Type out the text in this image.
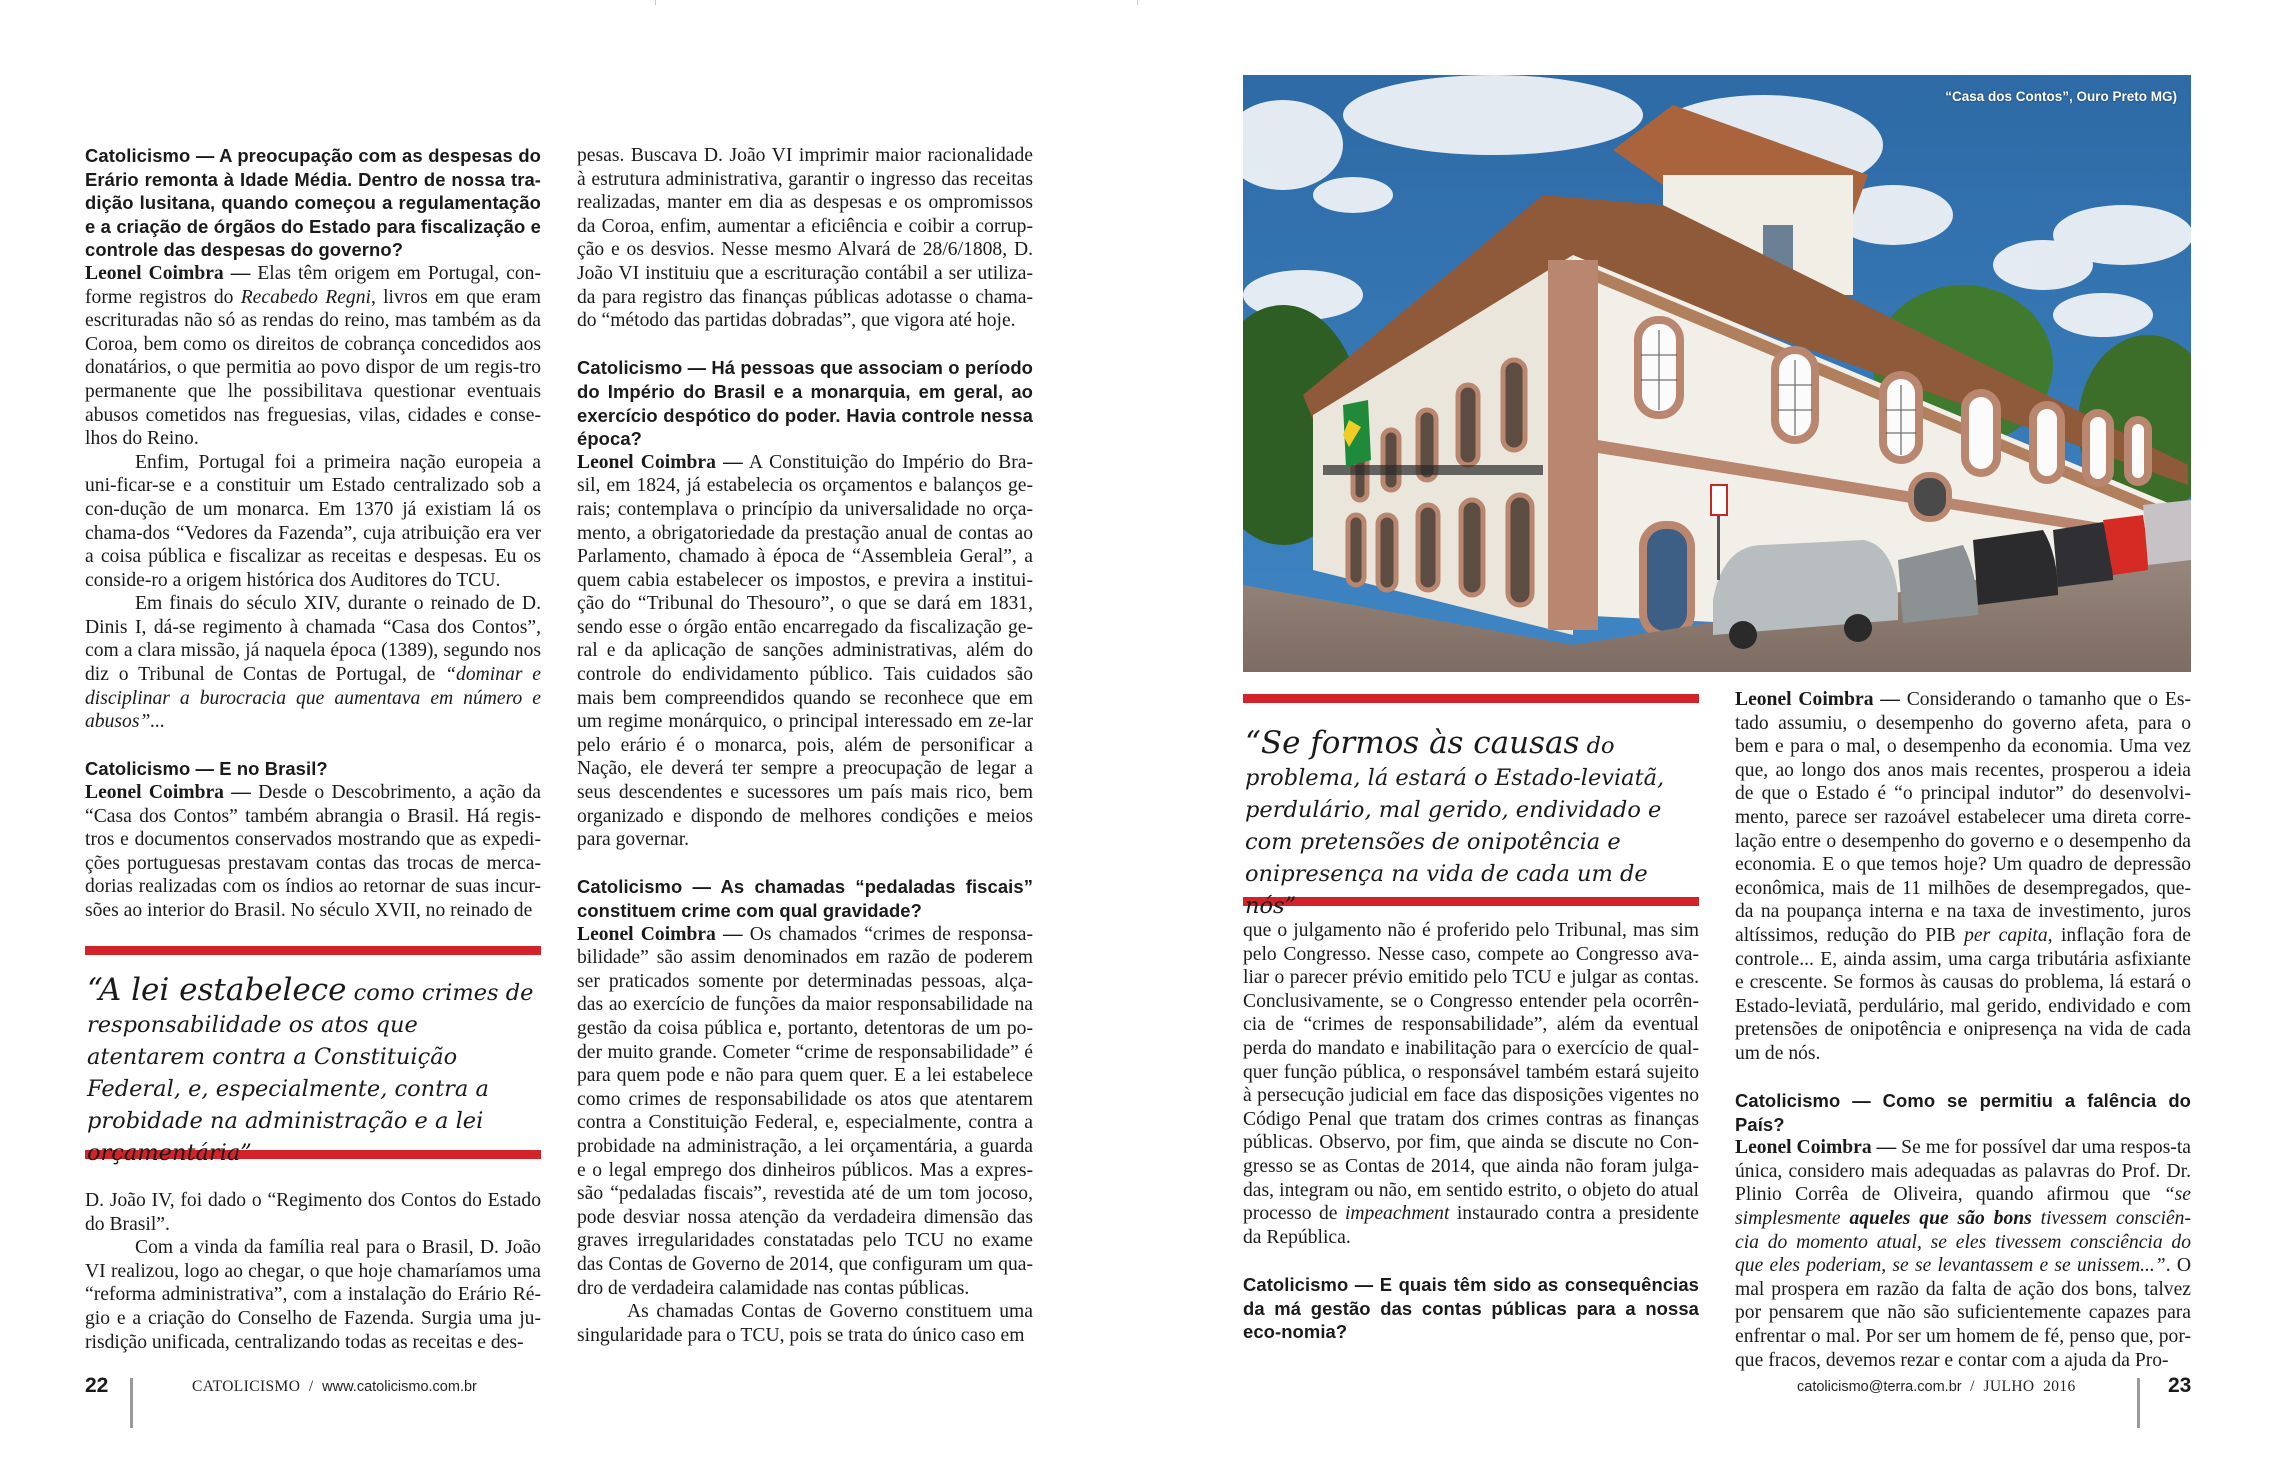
Catolicismo — A preocupação com as despesas do Erário remonta à Idade Média. Dentro de nossa tra-dição lusitana, quando começou a regulamentação e a criação de órgãos do Estado para fiscalização e controle das despesas do governo?

Leonel Coimbra — Elas têm origem em Portugal, con-forme registros do Recabedo Regni, livros em que eram escrituradas não só as rendas do reino, mas também as da Coroa, bem como os direitos de cobrança concedidos aos donatários, o que permitia ao povo dispor de um regis-tro permanente que lhe possibilitava questionar eventuais abusos cometidos nas freguesias, vilas, cidades e conse-lhos do Reino.

Enfim, Portugal foi a primeira nação europeia a uni-ficar-se e a constituir um Estado centralizado sob a con-dução de um monarca. Em 1370 já existiam lá os chama-dos “Vedores da Fazenda”, cuja atribuição era ver a coisa pública e fiscalizar as receitas e despesas. Eu os conside-ro a origem histórica dos Auditores do TCU.

Em finais do século XIV, durante o reinado de D. Dinis I, dá-se regimento à chamada “Casa dos Contos”, com a clara missão, já naquela época (1389), segundo nos diz o Tribunal de Contas de Portugal, de “dominar e disciplinar a burocracia que aumentava em número e abusos”...

Catolicismo — E no Brasil?

Leonel Coimbra — Desde o Descobrimento, a ação da “Casa dos Contos” também abrangia o Brasil. Há regis-tros e documentos conservados mostrando que as expedi-ções portuguesas prestavam contas das trocas de merca-dorias realizadas com os índios ao retornar de suas incur-sões ao interior do Brasil. No século XVII, no reinado de

“A lei estabelece como crimes de responsabilidade os atos que atentarem contra a Constituição Federal, e, especialmente, contra a probidade na administração e a lei orçamentária”

D. João IV, foi dado o “Regimento dos Contos do Estado do Brasil”.

Com a vinda da família real para o Brasil, D. João VI realizou, logo ao chegar, o que hoje chamaríamos uma “reforma administrativa”, com a instalação do Erário Ré-gio e a criação do Conselho de Fazenda. Surgia uma ju-risdição unificada, centralizando todas as receitas e des-

pesas. Buscava D. João VI imprimir maior racionalidade à estrutura administrativa, garantir o ingresso das receitas realizadas, manter em dia as despesas e os ompromissos da Coroa, enfim, aumentar a eficiência e coibir a corrup-ção e os desvios. Nesse mesmo Alvará de 28/6/1808, D. João VI instituiu que a escrituração contábil a ser utiliza-da para registro das finanças públicas adotasse o chama-do “método das partidas dobradas”, que vigora até hoje.

Catolicismo — Há pessoas que associam o período do Império do Brasil e a monarquia, em geral, ao exercício despótico do poder. Havia controle nessa época?

Leonel Coimbra — A Constituição do Império do Bra-sil, em 1824, já estabelecia os orçamentos e balanços ge-rais; contemplava o princípio da universalidade no orça-mento, a obrigatoriedade da prestação anual de contas ao Parlamento, chamado à época de “Assembleia Geral”, a quem cabia estabelecer os impostos, e previra a institui-ção do “Tribunal do Thesouro”, o que se dará em 1831, sendo esse o órgão então encarregado da fiscalização ge-ral e da aplicação de sanções administrativas, além do controle do endividamento público. Tais cuidados são mais bem compreendidos quando se reconhece que em um regime monárquico, o principal interessado em ze-lar pelo erário é o monarca, pois, além de personificar a Nação, ele deverá ter sempre a preocupação de legar a seus descendentes e sucessores um país mais rico, bem organizado e dispondo de melhores condições e meios para governar.

Catolicismo — As chamadas “pedaladas fiscais” constituem crime com qual gravidade?

Leonel Coimbra — Os chamados “crimes de responsa-bilidade” são assim denominados em razão de poderem ser praticados somente por determinadas pessoas, alça-das ao exercício de funções da maior responsabilidade na gestão da coisa pública e, portanto, detentoras de um po-der muito grande. Cometer “crime de responsabilidade” é para quem pode e não para quem quer. E a lei estabelece como crimes de responsabilidade os atos que atentarem contra a Constituição Federal, e, especialmente, contra a probidade na administração, a lei orçamentária, a guarda e o legal emprego dos dinheiros públicos. Mas a expres-são “pedaladas fiscais”, revestida até de um tom jocoso, pode desviar nossa atenção da verdadeira dimensão das graves irregularidades constatadas pelo TCU no exame das Contas de Governo de 2014, que configuram um qua-dro de verdadeira calamidade nas contas públicas.

As chamadas Contas de Governo constituem uma singularidade para o TCU, pois se trata do único caso em

22	CATOLICISMO / www.catolicismo.com.br
“Casa dos Contos”, Ouro Preto MG)
“Se formos às causas do problema, lá estará o Estado-leviatã, perdulário, mal gerido, endividado e com pretensões de onipotência e onipresença na vida de cada um de nós”

que o julgamento não é proferido pelo Tribunal, mas sim pelo Congresso. Nesse caso, compete ao Congresso ava-liar o parecer prévio emitido pelo TCU e julgar as contas. Conclusivamente, se o Congresso entender pela ocorrên-cia de “crimes de responsabilidade”, além da eventual perda do mandato e inabilitação para o exercício de qual-quer função pública, o responsável também estará sujeito à persecução judicial em face das disposições vigentes no Código Penal que tratam dos crimes contras as finanças públicas. Observo, por fim, que ainda se discute no Con-gresso se as Contas de 2014, que ainda não foram julga-das, integram ou não, em sentido estrito, o objeto do atual processo de impeachment instaurado contra a presidente da República.

Catolicismo — E quais têm sido as consequências da má gestão das contas públicas para a nossa eco-nomia?

Leonel Coimbra — Considerando o tamanho que o Es-tado assumiu, o desempenho do governo afeta, para o bem e para o mal, o desempenho da economia. Uma vez que, ao longo dos anos mais recentes, prosperou a ideia de que o Estado é “o principal indutor” do desenvolvi-mento, parece ser razoável estabelecer uma direta corre-lação entre o desempenho do governo e o desempenho da economia. E o que temos hoje? Um quadro de depressão econômica, mais de 11 milhões de desempregados, que-da na poupança interna e na taxa de investimento, juros altíssimos, redução do PIB per capita, inflação fora de controle... E, ainda assim, uma carga tributária asfixiante e crescente. Se formos às causas do problema, lá estará o Estado-leviatã, perdulário, mal gerido, endividado e com pretensões de onipotência e onipresença na vida de cada um de nós.

Catolicismo — Como se permitiu a falência do País?

Leonel Coimbra — Se me for possível dar uma respos-ta única, considero mais adequadas as palavras do Prof. Dr. Plinio Corrêa de Oliveira, quando afirmou que “se simplesmente aqueles que são bons tivessem consciên-cia do momento atual, se eles tivessem consciência do que eles poderiam, se se levantassem e se unissem...”. O mal prospera em razão da falta de ação dos bons, talvez por pensarem que não são suficientemente capazes para enfrentar o mal. Por ser um homem de fé, penso que, por-que fracos, devemos rezar e contar com a ajuda da Pro-

catolicismo@terra.com.br / JULHO  2016	23
